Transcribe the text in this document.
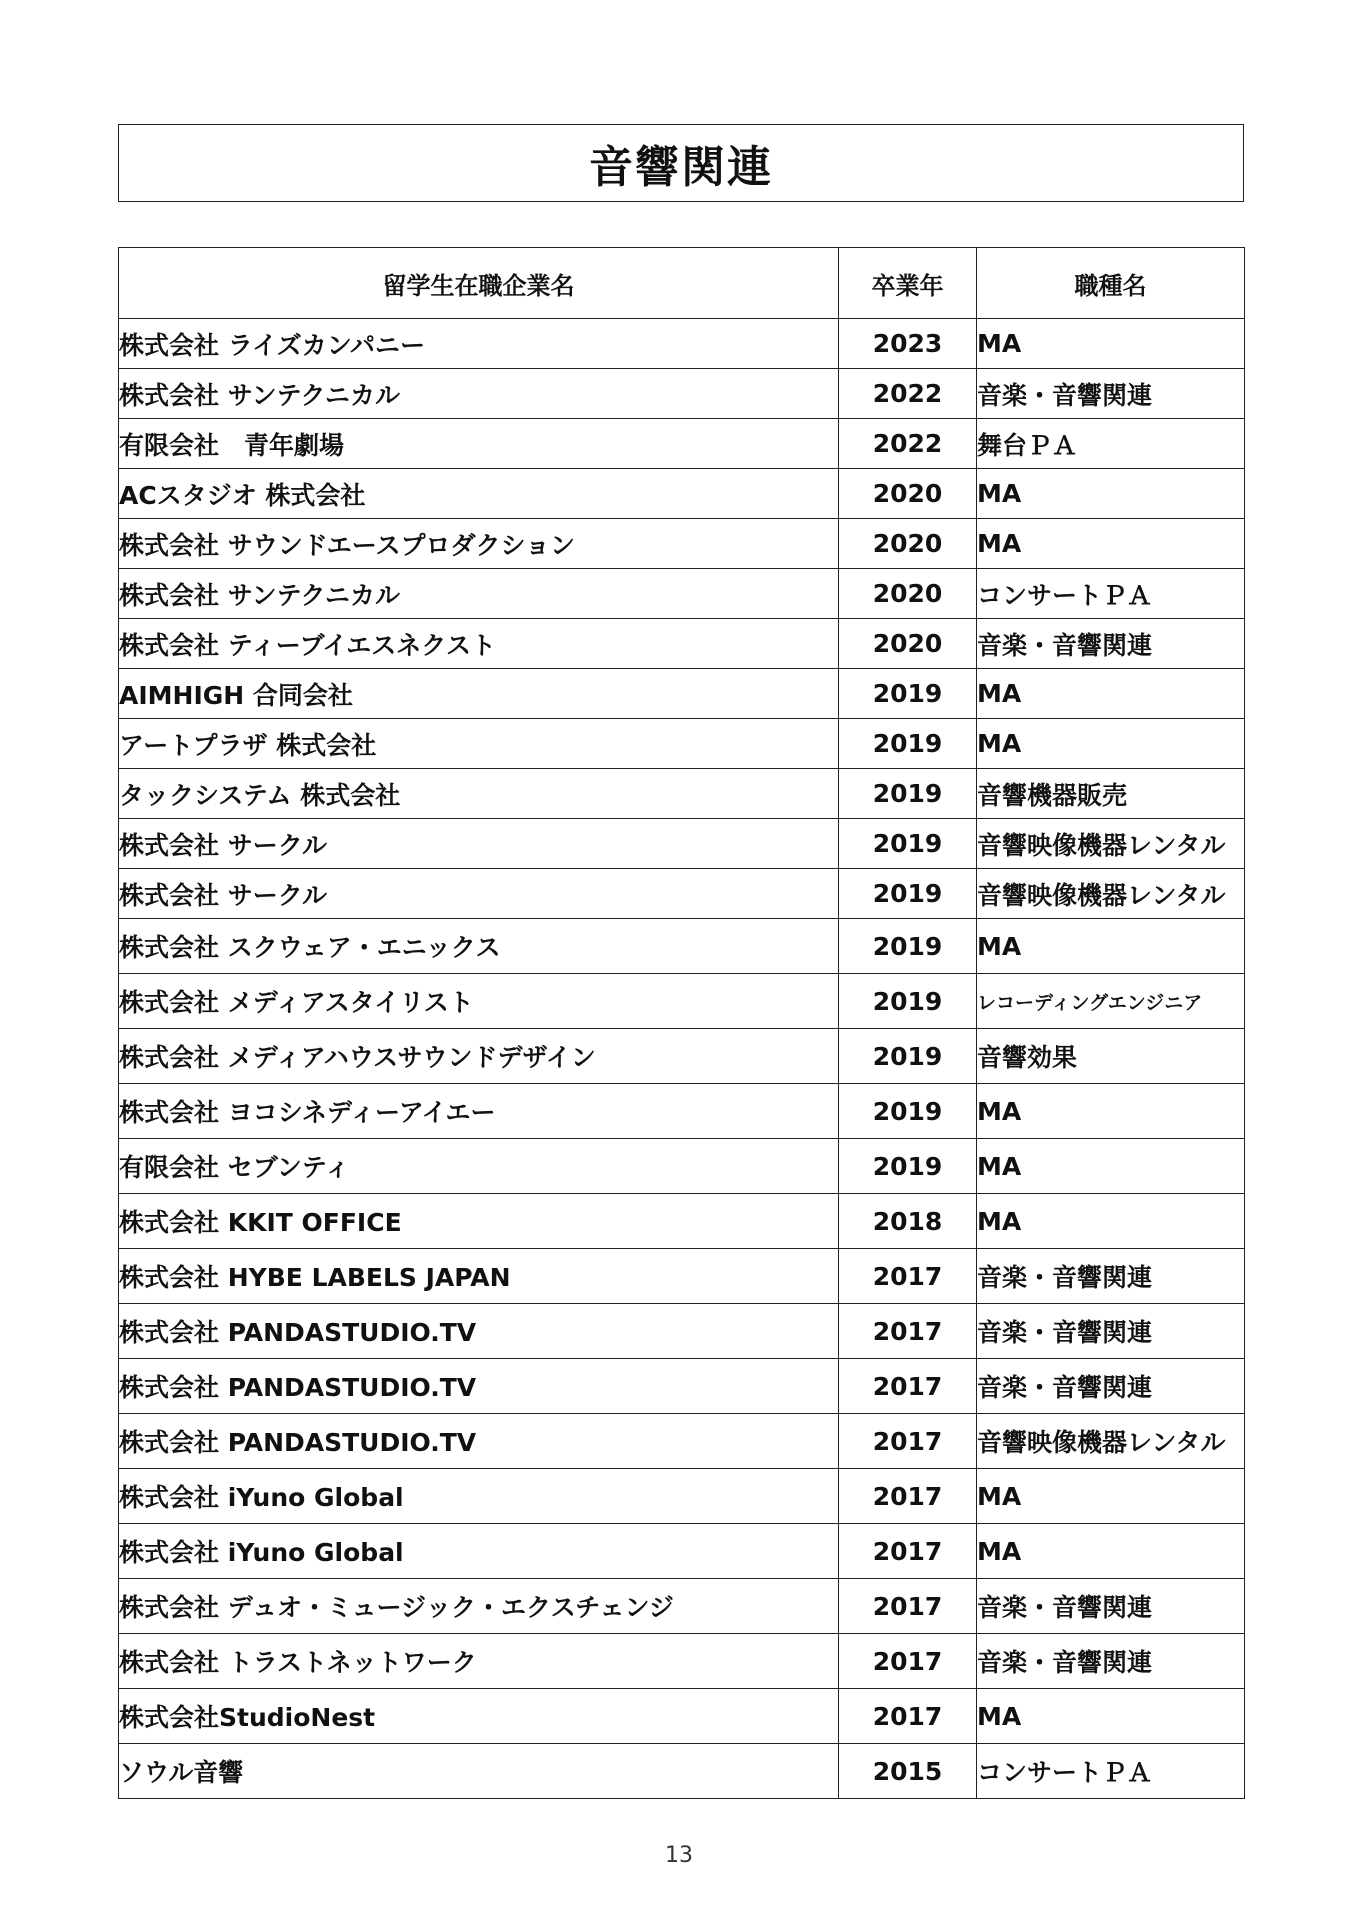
音響関連
留学生在職企業名	卒業年	職種名
株式会社 ライズカンパニー	2023	MA
株式会社 サンテクニカル	2022	音楽・音響関連
有限会社　青年劇場	2022	舞台ＰＡ
ACスタジオ 株式会社	2020	MA
株式会社 サウンドエースプロダクション	2020	MA
株式会社 サンテクニカル	2020	コンサートＰＡ
株式会社 ティーブイエスネクスト	2020	音楽・音響関連
AIMHIGH 合同会社	2019	MA
アートプラザ 株式会社	2019	MA
タックシステム 株式会社	2019	音響機器販売
株式会社 サークル	2019	音響映像機器レンタル
株式会社 サークル	2019	音響映像機器レンタル
株式会社 スクウェア・エニックス	2019	MA
株式会社 メディアスタイリスト	2019	レコーディングエンジニア
株式会社 メディアハウスサウンドデザイン	2019	音響効果
株式会社 ヨコシネディーアイエー	2019	MA
有限会社 セブンティ	2019	MA
株式会社 KKIT OFFICE	2018	MA
株式会社 HYBE LABELS JAPAN	2017	音楽・音響関連
株式会社 PANDASTUDIO.TV	2017	音楽・音響関連
株式会社 PANDASTUDIO.TV	2017	音楽・音響関連
株式会社 PANDASTUDIO.TV	2017	音響映像機器レンタル
株式会社 iYuno Global	2017	MA
株式会社 iYuno Global	2017	MA
株式会社 デュオ・ミュージック・エクスチェンジ	2017	音楽・音響関連
株式会社 トラストネットワーク	2017	音楽・音響関連
株式会社StudioNest	2017	MA
ソウル音響	2015	コンサートＰＡ
13
